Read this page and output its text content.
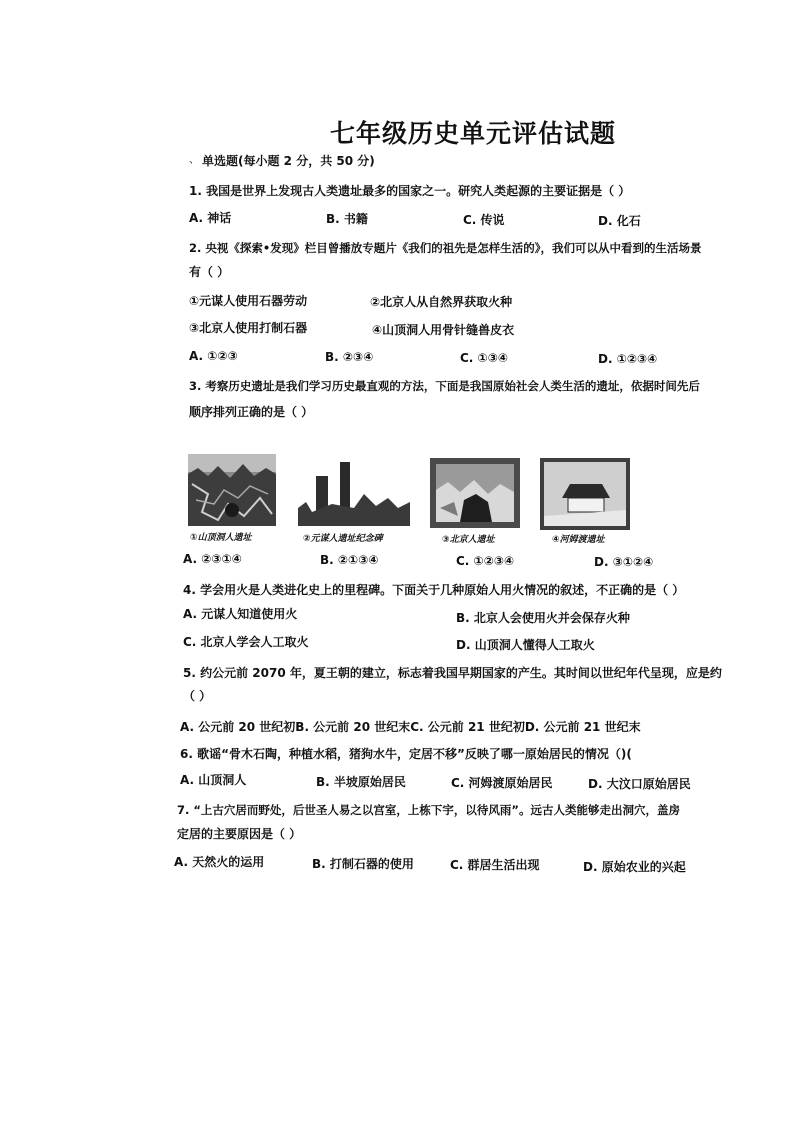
七年级历史单元评估试题
、 单选题(每小题 2 分，共 50 分)
1. 我国是世界上发现古人类遗址最多的国家之一。研究人类起源的主要证据是（ ）
A. 神话	B. 书籍	C. 传说	D. 化石
2. 央视《探索•发现》栏目曾播放专题片《我们的祖先是怎样生活的》，我们可以从中看到的生活场景
有（ ）
①元谋人使用石器劳动	②北京人从自然界获取火种
③北京人使用打制石器	④山顶洞人用骨针缝兽皮衣
A. ①②③	B. ②③④	C. ①③④	D. ①②③④
3. 考察历史遗址是我们学习历史最直观的方法，下面是我国原始社会人类生活的遗址，依据时间先后
顺序排列正确的是（ ）
①山顶洞人遗址	②元谋人遗址纪念碑	③北京人遗址	④河姆渡遗址
A. ②③①④	B. ②①③④	C. ①②③④	D. ③①②④
4. 学会用火是人类进化史上的里程碑。下面关于几种原始人用火情况的叙述，不正确的是（ ）
A. 元谋人知道使用火	B. 北京人会使用火并会保存火种
C. 北京人学会人工取火	D. 山顶洞人懂得人工取火
5. 约公元前 2070 年，夏王朝的建立，标志着我国早期国家的产生。其时间以世纪年代呈现，应是约
（ ）
A. 公元前 20 世纪初B. 公元前 20 世纪末C. 公元前 21 世纪初D. 公元前 21 世纪末
6. 歌谣“骨木石陶，种植水稻，猪狗水牛，定居不移”反映了哪一原始居民的情况（)(
A. 山顶洞人	B. 半坡原始居民	C. 河姆渡原始居民	D. 大汶口原始居民
7. “上古穴居而野处，后世圣人易之以宫室，上栋下宇，以待风雨”。远古人类能够走出洞穴，盖房
定居的主要原因是（ ）
A. 天然火的运用	B. 打制石器的使用	C. 群居生活出现	D. 原始农业的兴起
